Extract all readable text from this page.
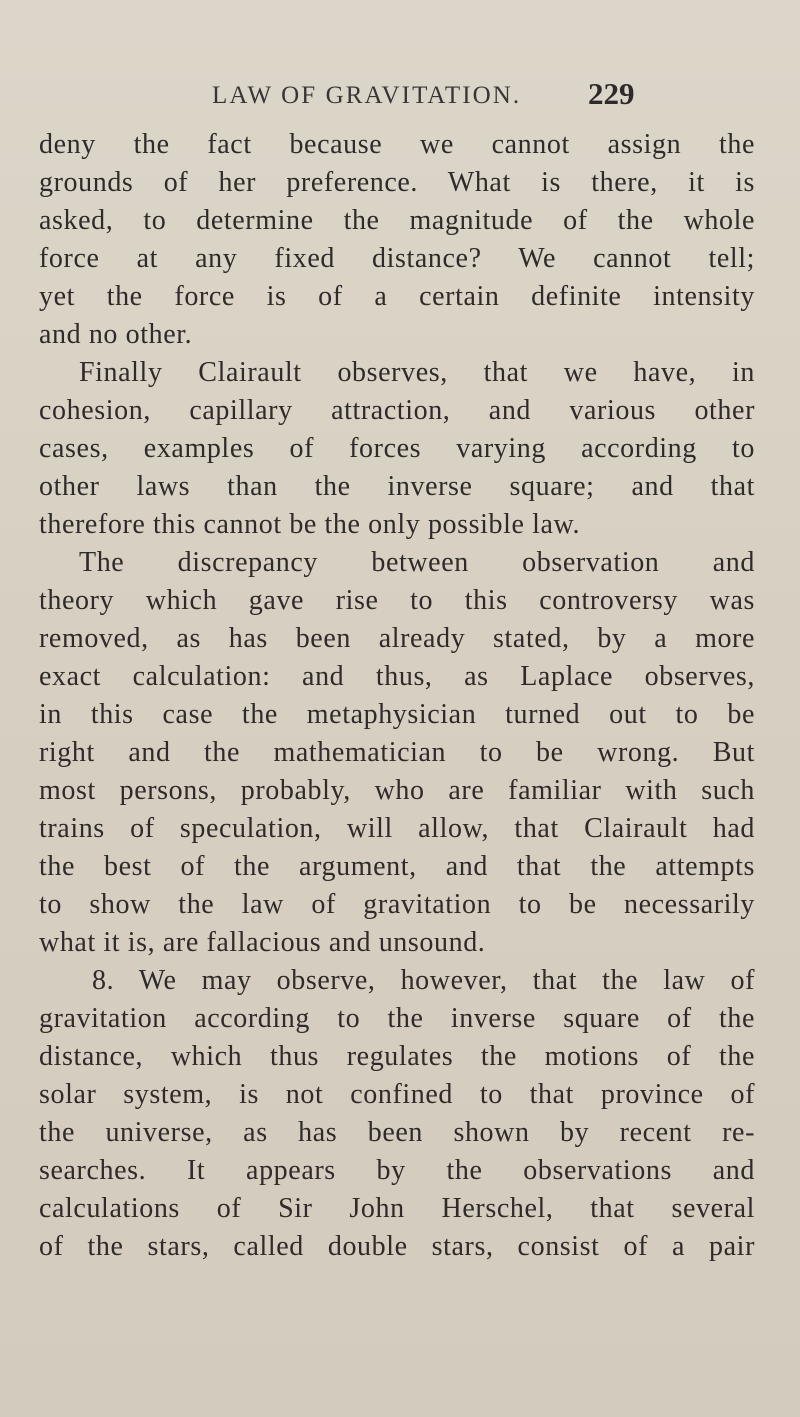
LAW OF GRAVITATION. 229
deny the fact because we cannot assign the
grounds of her preference. What is there, it is
asked, to determine the magnitude of the whole
force at any fixed distance? We cannot tell;
yet the force is of a certain definite intensity
and no other.
Finally Clairault observes, that we have, in
cohesion, capillary attraction, and various other
cases, examples of forces varying according to
other laws than the inverse square; and that
therefore this cannot be the only possible law.
The discrepancy between observation and
theory which gave rise to this controversy was
removed, as has been already stated, by a more
exact calculation: and thus, as Laplace observes,
in this case the metaphysician turned out to be
right and the mathematician to be wrong. But
most persons, probably, who are familiar with such
trains of speculation, will allow, that Clairault had
the best of the argument, and that the attempts
to show the law of gravitation to be necessarily
what it is, are fallacious and unsound.
8. We may observe, however, that the law of
gravitation according to the inverse square of the
distance, which thus regulates the motions of the
solar system, is not confined to that province of
the universe, as has been shown by recent re-
searches. It appears by the observations and
calculations of Sir John Herschel, that several
of the stars, called double stars, consist of a pair
